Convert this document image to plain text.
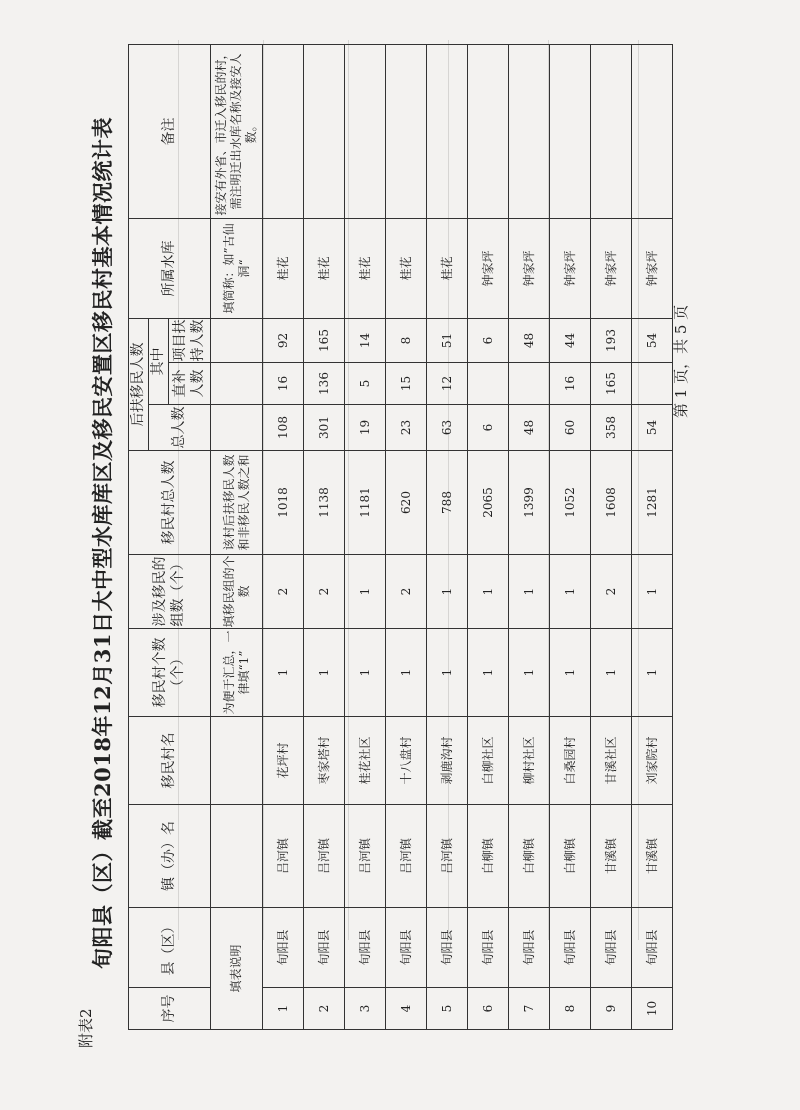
附表2
旬阳县（区）截至2018年12月31日大中型水库库区及移民安置区移民村基本情况统计表
序号	县（区）	镇（办）名	移民村名	移民村个数（个）	涉及移民的组数（个）	移民村总人数	后扶移民人数			所属水库	备注
							总人数	其中			
								直补人数	项目扶持人数		
填表说明				为便于汇总，一律填“1”	填移民组的个数	该村后扶移民人数和非移民人数之和				填简称：如”古仙洞“	接安有外省、市迁入移民的村，需注明迁出水库名称及接安人数。
1	旬阳县	吕河镇	花坪村	1	2	1018	108	16	92	桂花	
2	旬阳县	吕河镇	枣家塔村	1	2	1138	301	136	165	桂花	
3	旬阳县	吕河镇	桂花社区	1	1	1181	19	5	14	桂花	
4	旬阳县	吕河镇	十八盘村	1	2	620	23	15	8	桂花	
5	旬阳县	吕河镇	剥鹿沟村	1	1	788	63	12	51	桂花	
6	旬阳县	白柳镇	白柳社区	1	1	2065	6		6	钟家坪	
7	旬阳县	白柳镇	柳村社区	1	1	1399	48		48	钟家坪	
8	旬阳县	白柳镇	白桑园村	1	1	1052	60	16	44	钟家坪	
9	旬阳县	甘溪镇	甘溪社区	1	2	1608	358	165	193	钟家坪	
10	旬阳县	甘溪镇	刘家院村	1	1	1281	54		54	钟家坪	
第 1 页，共 5 页
